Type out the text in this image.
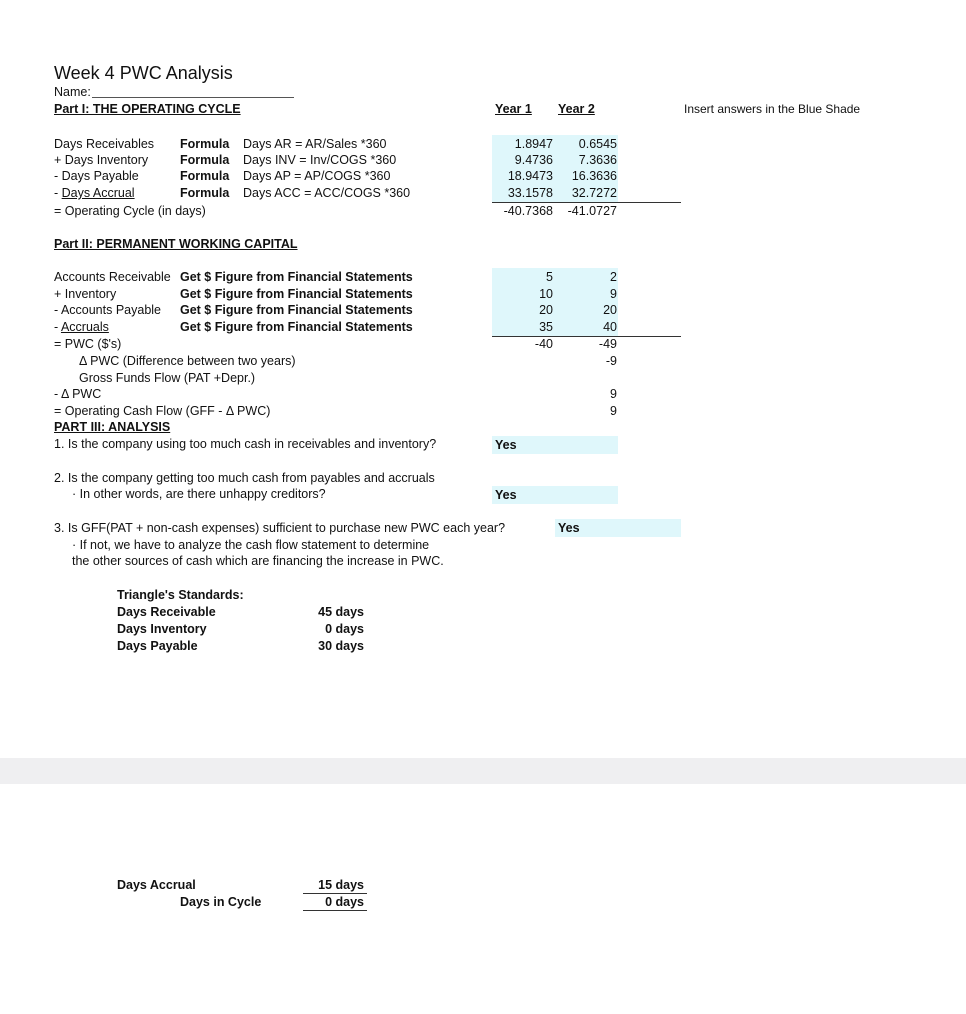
Week 4 PWC Analysis
Name:
Insert answers in the Blue Shade
Part I: THE OPERATING CYCLE	Year 1 Year 2
Days Receivables Formula Days AR = AR/Sales *360	1.8947	0.6545
+ Days Inventory	Formula Days INV = Inv/COGS *360	9.4736	7.3636
- Days Payable	Formula Days AP = AP/COGS *360	18.9473	16.3636
- Days Accrual	Formula Days ACC = ACC/COGS *360	33.1578	32.7272
= Operating Cycle (in days)	-40.7368	-41.0727
Part II: PERMANENT WORKING CAPITAL
Accounts Receivable Get $ Figure from Financial Statements	5	2
+ Inventory	Get $ Figure from Financial Statements	10	9
- Accounts Payable Get $ Figure from Financial Statements	20	20
- Accruals	Get $ Figure from Financial Statements	35	40
= PWC ($'s)	-40	-49
Δ PWC (Difference between two years)	-9
Gross Funds Flow (PAT +Depr.)
- Δ PWC	9
= Operating Cash Flow (GFF - Δ PWC)	9
PART III: ANALYSIS
1. Is the company using too much cash in receivables and inventory?	Yes
2. Is the company getting too much cash from payables and accruals
· In other words, are there unhappy creditors?	Yes
3. Is GFF(PAT + non-cash expenses) sufficient to purchase new PWC each year?	Yes
· If not, we have to analyze the cash flow statement to determine
the other sources of cash which are financing the increase in PWC.
Triangle's Standards:
Days Receivable	45 days
Days Inventory	0 days
Days Payable	30 days
Days Accrual	15 days
Days in Cycle	0 days
